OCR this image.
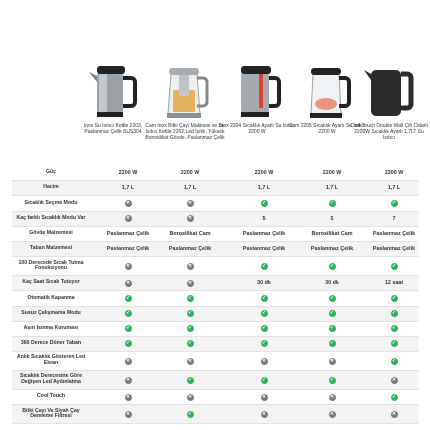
Inox Su Isıtıcı Kettle 2203, Paslanmaz Çelik SUS304
Cam Inox Bitki Çayı Makinesi ve Su Isıtıcı Kettle 2202,Led Işıklı, Yüksek Borosilikat Gövde, Paslanmaz Çelik
Inox 2204 Sıcaklık Ayarlı Su Isıtıcı 2200 W
Cam 2205 Sıcaklık Ayarlı Su Isıtıcı 2200 W
Cool Touch Double Wall Çift Cidarlı 2200W Sıcaklık Ayarlı 1,7LT Su Isıtıcı
Güç	2200 W	2200 W	2200 W	2200 W	2200 W
Hacim	1,7 L	1,7 L	1,7 L	1,7 L	1,7 L
Sıcaklık Seçme Modu	✕	✕	✓	✓	✓
Kaç farklı Sıcaklık Modu Var	✕	✕	5	5	7
Gövde Malzemesi	Paslanmaz Çelik	Borosilikat Cam	Paslanmaz Çelik	Borosilikat Cam	Paslanmaz Çelik
Taban Malzemesi	Paslanmaz Çelik	Paslanmaz Çelik	Paslanmaz Çelik	Paslanmaz Çelik	Paslanmaz Çelik
100 Derecede Sıcak Tutma Fonsksiyonu	✕	✕	✓	✓	✓
Kaç Saat Sıcak Tutuyor	✕	✕	30 dk	30 dk	12 saat
Otomatik Kapanma	✓	✓	✓	✓	✓
Susuz Çalışmama Modu	✓	✓	✓	✓	✓
Aşırı Isınma Koruması	✓	✓	✓	✓	✓
360 Derece Döner Taban	✓	✓	✓	✓	✓
Anlık Sıcaklık Gösteren Led Ekran	✕	✕	✕	✕	✓
Sıcaklık Derecesine Göre Değişen Led Aydınlatma	✕	✓	✓	✓	✕
Cool Touch	✕	✕	✕	✕	✓
Bitki Çayı Ve Siyah Çay Demleme Filtresi	✕	✓	✕	✕	✕
